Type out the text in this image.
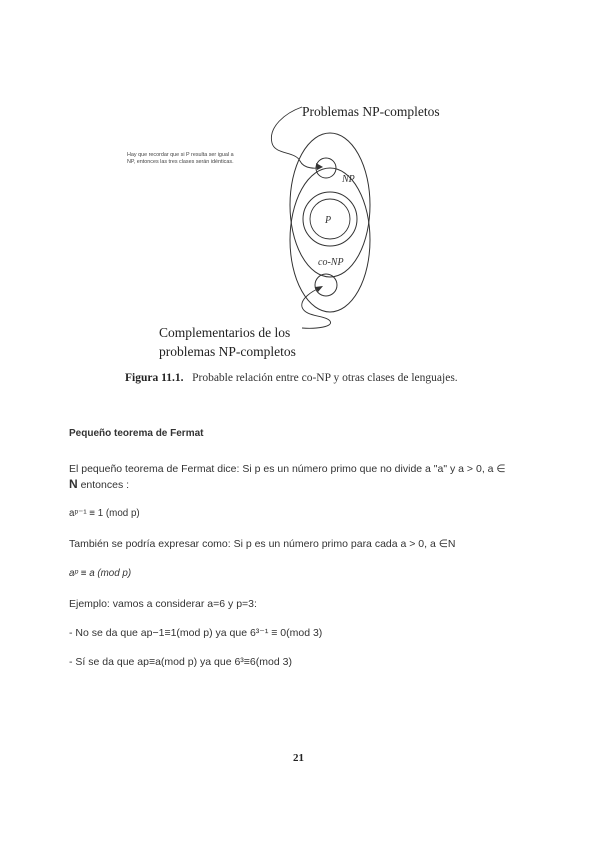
NP
P
co-NP
Problemas NP-completos
Hay que recordar que si P resulta ser igual a
NP, entonces las tres clases serán idénticas.
Complementarios de los
problemas NP-completos
Figura 11.1. Probable relación entre co-NP y otras clases de lenguajes.
Pequeño teorema de Fermat
El pequeño teorema de Fermat dice: Si p es un número primo que no divide a "a" y a > 0, a ∈
N entonces :
aᵖ⁻¹ ≡ 1 (mod p)
También se podría expresar como: Si p es un número primo para cada a > 0, a ∈N
aᵖ ≡ a (mod p)
Ejemplo: vamos a considerar a=6 y p=3:
- No se da que ap−1≡1(mod p) ya que 6³⁻¹ ≡ 0(mod 3)
- Sí se da que ap≡a(mod p) ya que 6³≡6(mod 3)
21
